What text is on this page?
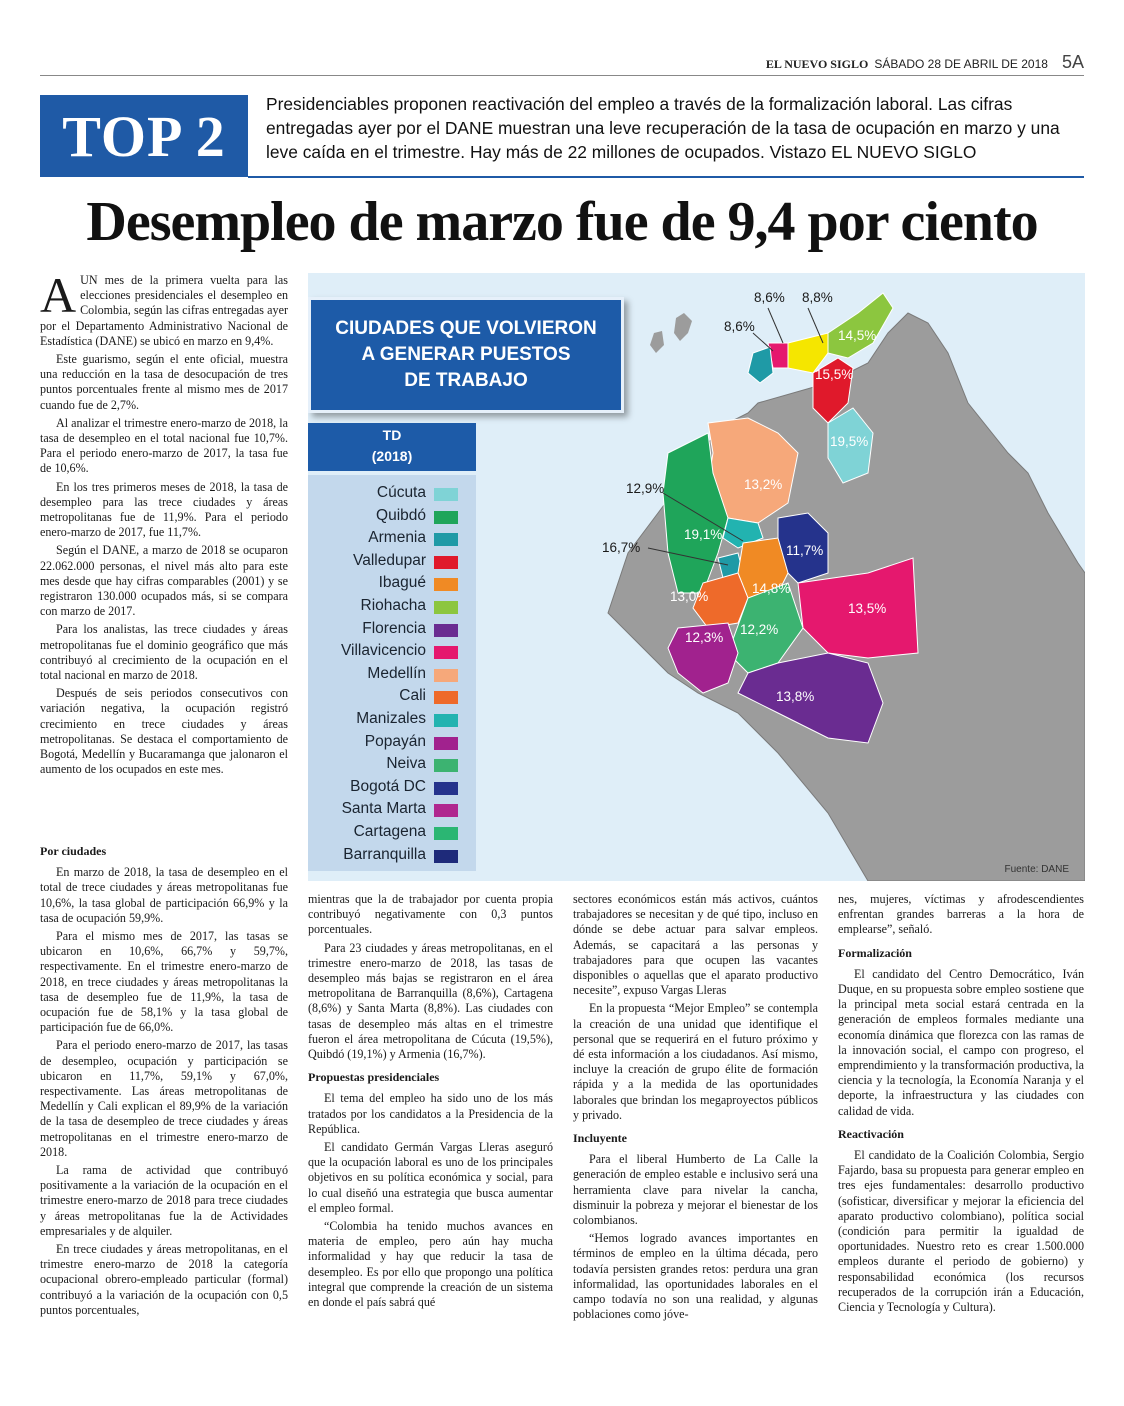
EL NUEVO SIGLO SÁBADO 28 DE ABRIL DE 2018 5A
TOP 2	Presidenciables proponen reactivación del empleo a través de la formalización laboral. Las cifras entregadas ayer por el DANE muestran una leve recuperación de la tasa de ocupación en marzo y una leve caída en el trimestre. Hay más de 22 millones de ocupados. Vistazo EL NUEVO SIGLO
Desempleo de marzo fue de 9,4 por ciento
8,6% 8,8%
8,6%
14,5%
15,5%
19,5%
13,2%
12,9%
19,1%
16,7%	11,7%
14,8%
13,0%
13,5%
12,2%
12,3%
13,8%
CIUDADES QUE VOLVIERON
A GENERAR PUESTOS
DE TRABAJO
TD
(2018)
Cúcuta
Quibdó
Armenia
Valledupar
Ibagué
Riohacha
Florencia
Villavicencio
Medellín
Cali
Manizales
Popayán
Neiva
Bogotá DC
Santa Marta
Cartagena
Barranquilla
Fuente: DANE

AUN mes de la primera vuelta para las elecciones presidenciales el desempleo en Colombia, según las cifras entregadas ayer por el Departamento Administrativo Nacional de Estadística (DANE) se ubicó en marzo en 9,4%.

Este guarismo, según el ente oficial, muestra una reducción en la tasa de desocupación de tres puntos porcentuales frente al mismo mes de 2017 cuando fue de 2,7%.

Al analizar el trimestre enero-marzo de 2018, la tasa de desempleo en el total nacional fue 10,7%. Para el periodo enero-marzo de 2017, la tasa fue de 10,6%.

En los tres primeros meses de 2018, la tasa de desempleo para las trece ciudades y áreas metropolitanas fue de 11,9%. Para el periodo enero-marzo de 2017, fue 11,7%.

Según el DANE, a marzo de 2018 se ocuparon 22.062.000 personas, el nivel más alto para este mes desde que hay cifras comparables (2001) y se registraron 130.000 ocupados más, si se compara con marzo de 2017.

Para los analistas, las trece ciudades y áreas metropolitanas fue el dominio geográfico que más contribuyó al crecimiento de la ocupación en el total nacional en marzo de 2018.

Después de seis periodos consecutivos con variación negativa, la ocupación registró crecimiento en trece ciudades y áreas metropolitanas. Se destaca el comportamiento de Bogotá, Medellín y Bucaramanga que jalonaron el aumento de los ocupados en este mes.

Por ciudades

En marzo de 2018, la tasa de desempleo en el total de trece ciudades y áreas metropolitanas fue 10,6%, la tasa global de participación 66,9% y la tasa de ocupación 59,9%.

Para el mismo mes de 2017, las tasas se ubicaron en 10,6%, 66,7% y 59,7%, respectivamente. En el trimestre enero-marzo de 2018, en trece ciudades y áreas metropolitanas la tasa de desempleo fue de 11,9%, la tasa de ocupación fue de 58,1% y la tasa global de participación fue de 66,0%.

Para el periodo enero-marzo de 2017, las tasas de desempleo, ocupación y participación se ubicaron en 11,7%, 59,1% y 67,0%, respectivamente. Las áreas metropolitanas de Medellín y Cali explican el 89,9% de la variación de la tasa de desempleo de trece ciudades y áreas metropolitanas en el trimestre enero-marzo de 2018.

La rama de actividad que contribuyó positivamente a la variación de la ocupación en el trimestre enero-marzo de 2018 para trece ciudades y áreas metropolitanas fue la de Actividades empresariales y de alquiler.

En trece ciudades y áreas metropolitanas, en el trimestre enero-marzo de 2018 la categoría ocupacional obrero-empleado particular (formal) contribuyó a la variación de la ocupación con 0,5 puntos porcentuales,

mientras que la de trabajador por cuenta propia contribuyó negativamente con 0,3 puntos porcentuales.

Para 23 ciudades y áreas metropolitanas, en el trimestre enero-marzo de 2018, las tasas de desempleo más bajas se registraron en el área metropolitana de Barranquilla (8,6%), Cartagena (8,6%) y Santa Marta (8,8%). Las ciudades con tasas de desempleo más altas en el trimestre fueron el área metropolitana de Cúcuta (19,5%), Quibdó (19,1%) y Armenia (16,7%).

Propuestas presidenciales

El tema del empleo ha sido uno de los más tratados por los candidatos a la Presidencia de la República.

El candidato Germán Vargas Lleras aseguró que la ocupación laboral es uno de los principales objetivos en su política económica y social, para lo cual diseñó una estrategia que busca aumentar el empleo formal.

“Colombia ha tenido muchos avances en materia de empleo, pero aún hay mucha informalidad y hay que reducir la tasa de desempleo. Es por ello que propongo una política integral que comprende la creación de un sistema en donde el país sabrá qué

sectores económicos están más activos, cuántos trabajadores se necesitan y de qué tipo, incluso en dónde se debe actuar para salvar empleos. Además, se capacitará a las personas y trabajadores para que ocupen las vacantes disponibles o aquellas que el aparato productivo necesite”, expuso Vargas Lleras

En la propuesta “Mejor Empleo” se contempla la creación de una unidad que identifique el personal que se requerirá en el futuro próximo y dé esta información a los ciudadanos. Así mismo, incluye la creación de grupo élite de formación rápida y a la medida de las oportunidades laborales que brindan los megaproyectos públicos y privado.

Incluyente

Para el liberal Humberto de La Calle la generación de empleo estable e inclusivo será una herramienta clave para nivelar la cancha, disminuir la pobreza y mejorar el bienestar de los colombianos.

“Hemos logrado avances importantes en términos de empleo en la última década, pero todavía persisten grandes retos: perdura una gran informalidad, las oportunidades laborales en el campo todavía no son una realidad, y algunas poblaciones como jóve-

nes, mujeres, víctimas y afrodescendientes enfrentan grandes barreras a la hora de emplearse”, señaló.

Formalización

El candidato del Centro Democrático, Iván Duque, en su propuesta sobre empleo sostiene que la principal meta social estará centrada en la generación de empleos formales mediante una economía dinámica que florezca con las ramas de la innovación social, el campo con progreso, el emprendimiento y la transformación productiva, la ciencia y la tecnología, la Economía Naranja y el deporte, la infraestructura y las ciudades con calidad de vida.

Reactivación

El candidato de la Coalición Colombia, Sergio Fajardo, basa su propuesta para generar empleo en tres ejes fundamentales: desarrollo productivo (sofisticar, diversificar y mejorar la eficiencia del aparato productivo colombiano), política social (condición para permitir la igualdad de oportunidades. Nuestro reto es crear 1.500.000 empleos durante el periodo de gobierno) y responsabilidad económica (los recursos recuperados de la corrupción irán a Educación, Ciencia y Tecnología y Cultura).
